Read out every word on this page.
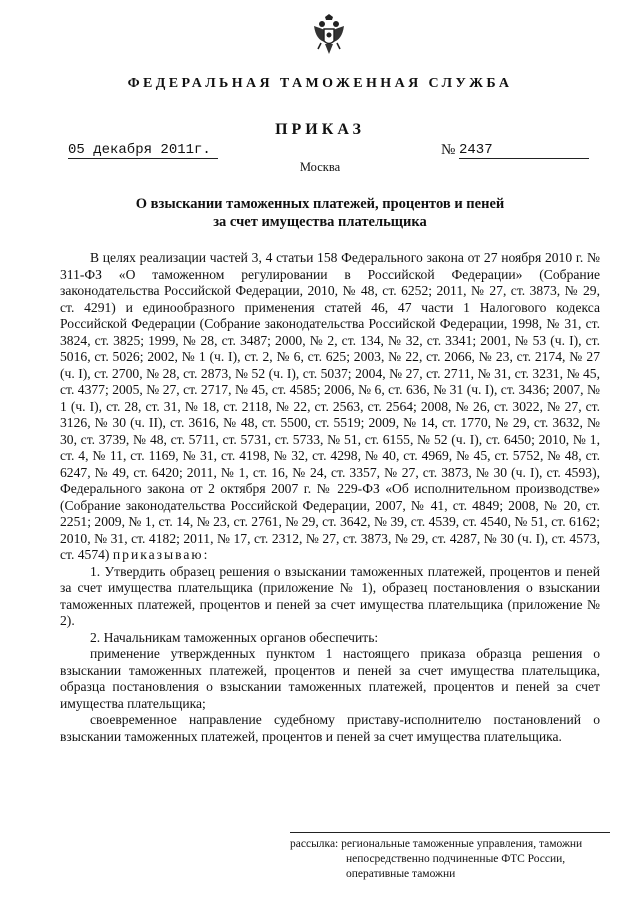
ФЕДЕРАЛЬНАЯ ТАМОЖЕННАЯ СЛУЖБА
ПРИКАЗ
05 декабря 2011г.	№ 2437
Москва
О взыскании таможенных платежей, процентов и пеней
за счет имущества плательщика

В целях реализации частей 3, 4 статьи 158 Федерального закона от 27 ноября 2010 г. № 311-ФЗ «О таможенном регулировании в Российской Федерации» (Собрание законодательства Российской Федерации, 2010, № 48, ст. 6252; 2011, № 27, ст. 3873, № 29, ст. 4291) и единообразного применения статей 46, 47 части 1 Налогового кодекса Российской Федерации (Собрание законодательства Российской Федерации, 1998, № 31, ст. 3824, ст. 3825; 1999, № 28, ст. 3487; 2000, № 2, ст. 134, № 32, ст. 3341; 2001, № 53 (ч. I), ст. 5016, ст. 5026; 2002, № 1 (ч. I), ст. 2, № 6, ст. 625; 2003, № 22, ст. 2066, № 23, ст. 2174, № 27 (ч. I), ст. 2700, № 28, ст. 2873, № 52 (ч. I), ст. 5037; 2004, № 27, ст. 2711, № 31, ст. 3231, № 45, ст. 4377; 2005, № 27, ст. 2717, № 45, ст. 4585; 2006, № 6, ст. 636, № 31 (ч. I), ст. 3436; 2007, № 1 (ч. I), ст. 28, ст. 31, № 18, ст. 2118, № 22, ст. 2563, ст. 2564; 2008, № 26, ст. 3022, № 27, ст. 3126, № 30 (ч. II), ст. 3616, № 48, ст. 5500, ст. 5519; 2009, № 14, ст. 1770, № 29, ст. 3632, № 30, ст. 3739, № 48, ст. 5711, ст. 5731, ст. 5733, № 51, ст. 6155, № 52 (ч. I), ст. 6450; 2010, № 1, ст. 4, № 11, ст. 1169, № 31, ст. 4198, № 32, ст. 4298, № 40, ст. 4969, № 45, ст. 5752, № 48, ст. 6247, № 49, ст. 6420; 2011, № 1, ст. 16, № 24, ст. 3357, № 27, ст. 3873, № 30 (ч. I), ст. 4593), Федерального закона от 2 октября 2007 г. № 229-ФЗ «Об исполнительном производстве» (Собрание законодательства Российской Федерации, 2007, № 41, ст. 4849; 2008, № 20, ст. 2251; 2009, № 1, ст. 14, № 23, ст. 2761, № 29, ст. 3642, № 39, ст. 4539, ст. 4540, № 51, ст. 6162; 2010, № 31, ст. 4182; 2011, № 17, ст. 2312, № 27, ст. 3873, № 29, ст. 4287, № 30 (ч. I), ст. 4573, ст. 4574) приказываю:

1. Утвердить образец решения о взыскании таможенных платежей, процентов и пеней за счет имущества плательщика (приложение № 1), образец постановления о взыскании таможенных платежей, процентов и пеней за счет имущества плательщика (приложение № 2).

2. Начальникам таможенных органов обеспечить:

применение утвержденных пунктом 1 настоящего приказа образца решения о взыскании таможенных платежей, процентов и пеней за счет имущества плательщика, образца постановления о взыскании таможенных платежей, процентов и пеней за счет имущества плательщика;

своевременное направление судебному приставу-исполнителю постановлений о взыскании таможенных платежей, процентов и пеней за счет имущества плательщика.

рассылка: региональные таможенные управления, таможни
непосредственно подчиненные ФТС России,
оперативные таможни
